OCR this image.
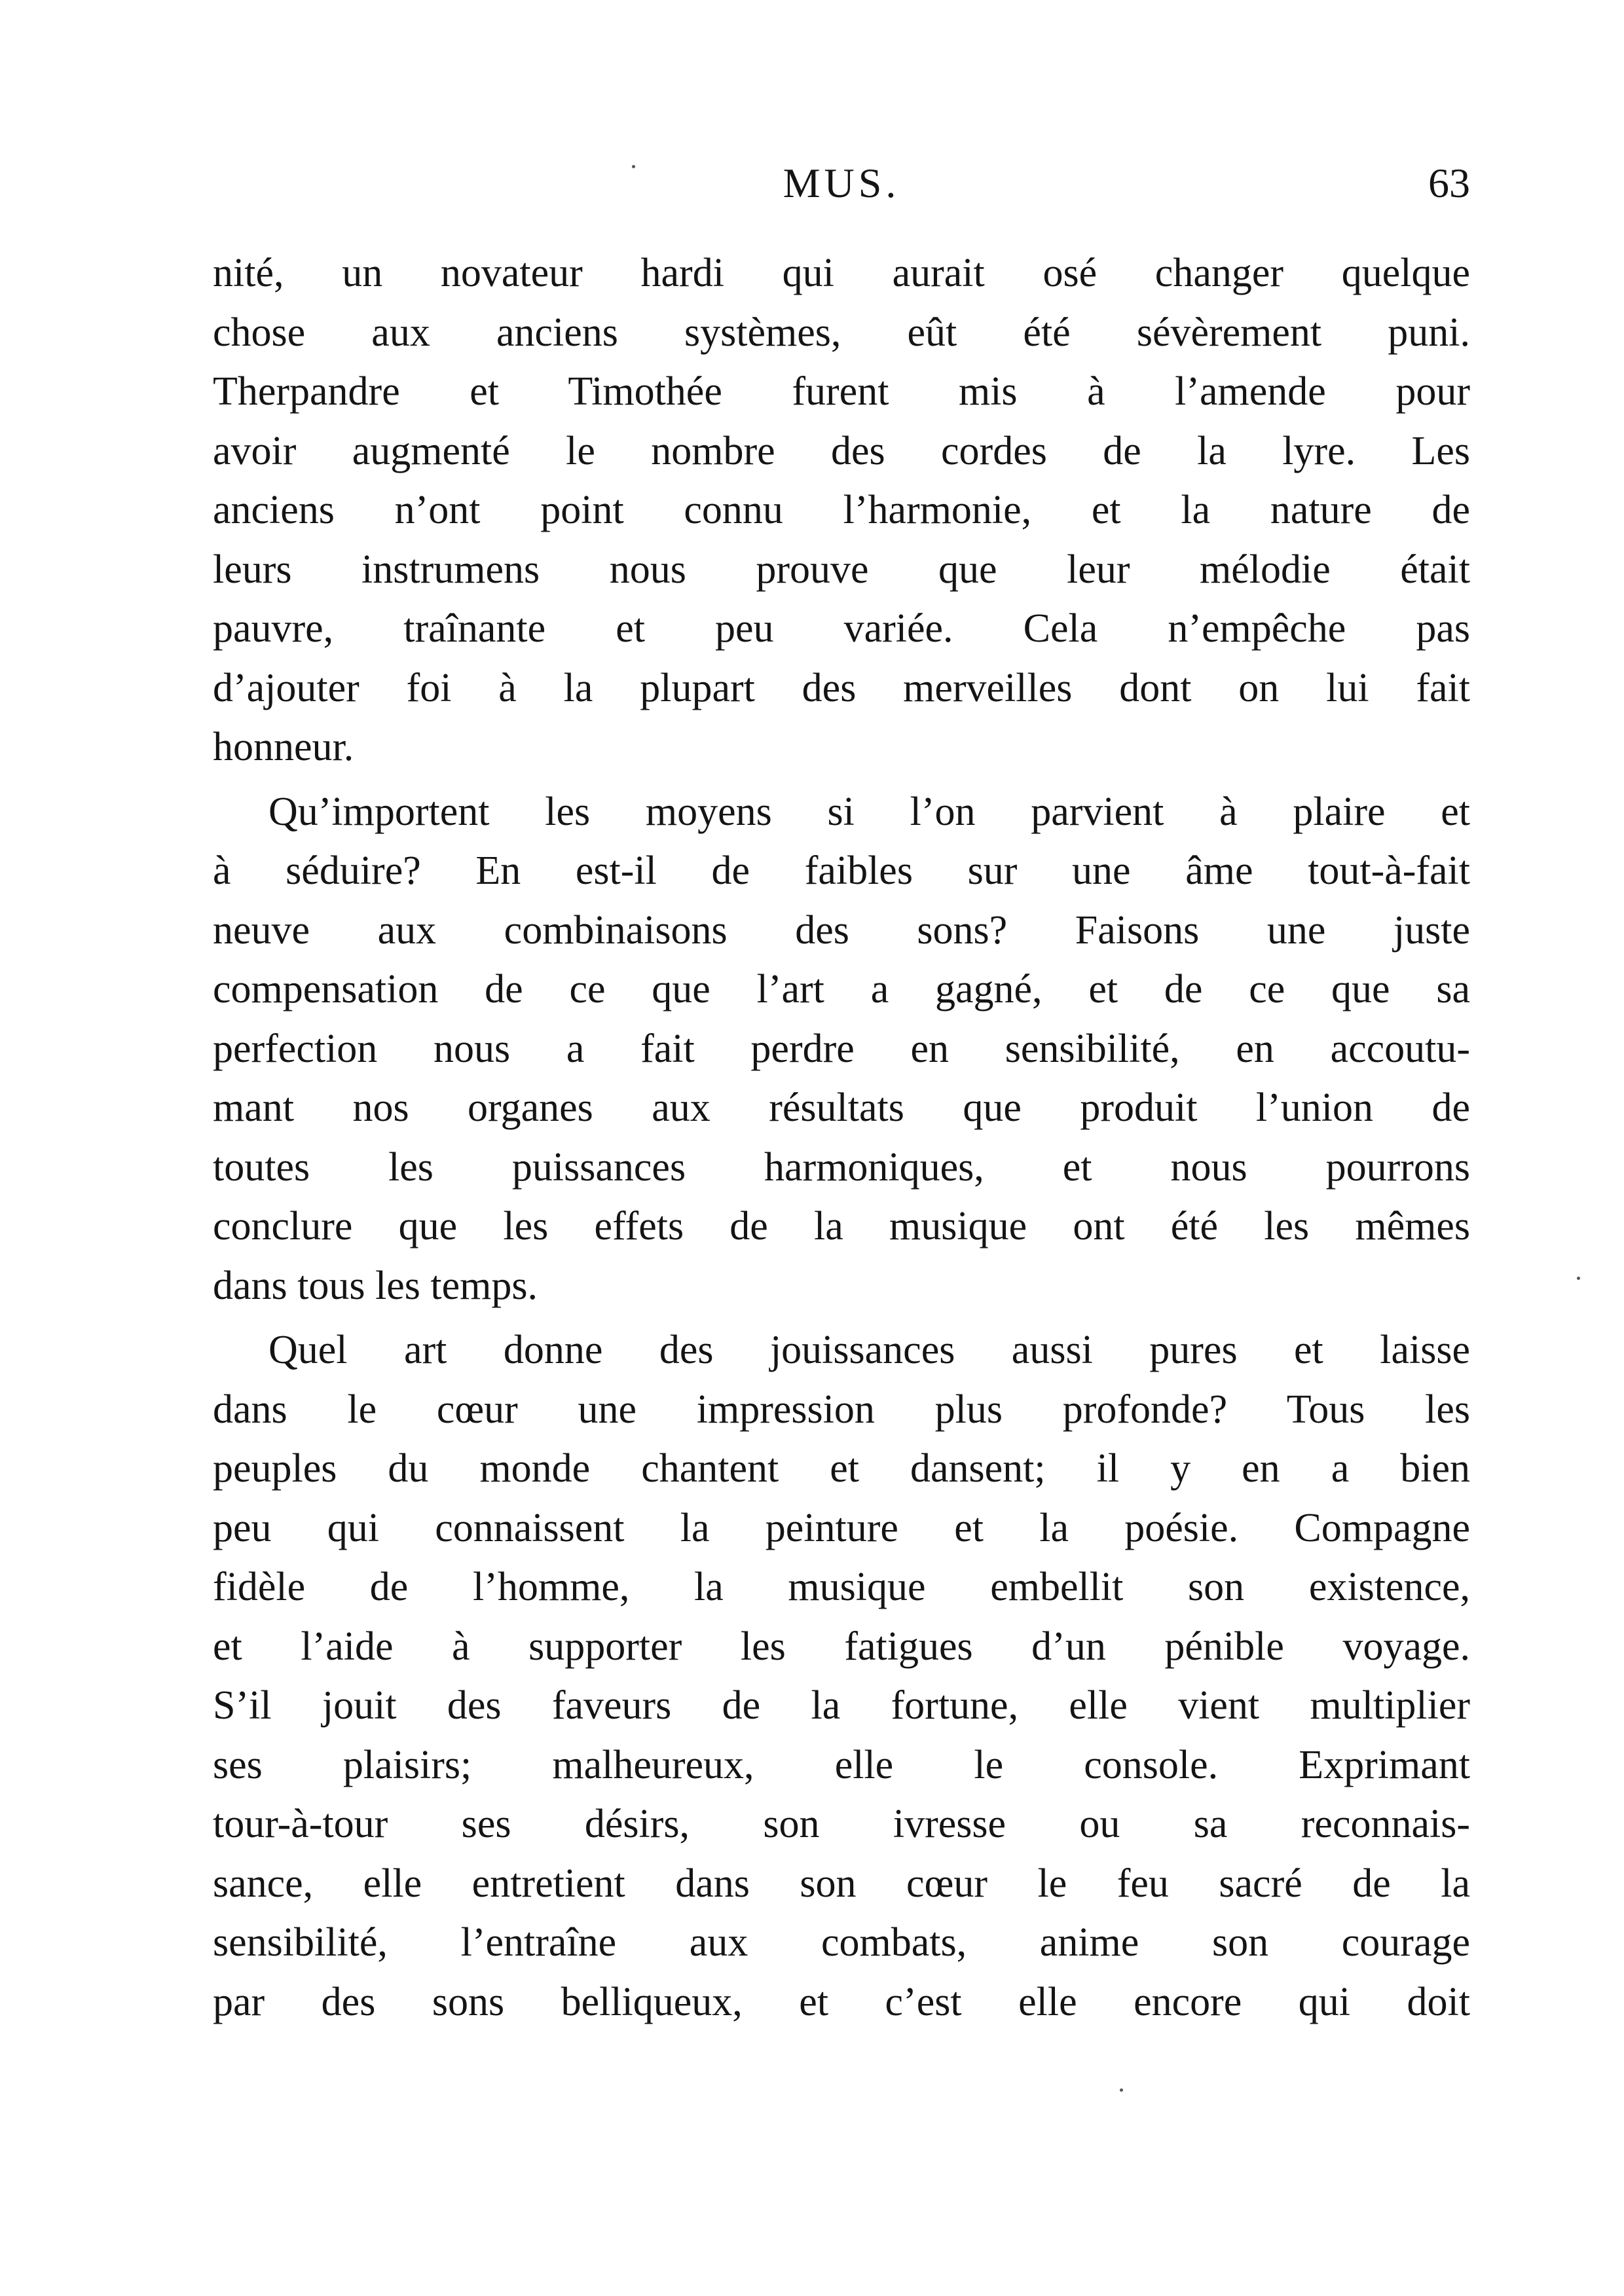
MUS.	63
nité, un novateur hardi qui aurait osé changer quelque
chose aux anciens systèmes, eût été sévèrement puni.
Therpandre et Timothée furent mis à l’amende pour
avoir augmenté le nombre des cordes de la lyre. Les
anciens n’ont point connu l’harmonie, et la nature de
leurs instrumens nous prouve que leur mélodie était
pauvre, traînante et peu variée. Cela n’empêche pas
d’ajouter foi à la plupart des merveilles dont on lui fait
honneur.
Qu’importent les moyens si l’on parvient à plaire et
à séduire? En est-il de faibles sur une âme tout-à-fait
neuve aux combinaisons des sons? Faisons une juste
compensation de ce que l’art a gagné, et de ce que sa
perfection nous a fait perdre en sensibilité, en accoutu-
mant nos organes aux résultats que produit l’union de
toutes les puissances harmoniques, et nous pourrons
conclure que les effets de la musique ont été les mêmes
dans tous les temps.
Quel art donne des jouissances aussi pures et laisse
dans le cœur une impression plus profonde? Tous les
peuples du monde chantent et dansent; il y en a bien
peu qui connaissent la peinture et la poésie. Compagne
fidèle de l’homme, la musique embellit son existence,
et l’aide à supporter les fatigues d’un pénible voyage.
S’il jouit des faveurs de la fortune, elle vient multiplier
ses plaisirs; malheureux, elle le console. Exprimant
tour-à-tour ses désirs, son ivresse ou sa reconnais-
sance, elle entretient dans son cœur le feu sacré de la
sensibilité, l’entraîne aux combats, anime son courage
par des sons belliqueux, et c’est elle encore qui doit
